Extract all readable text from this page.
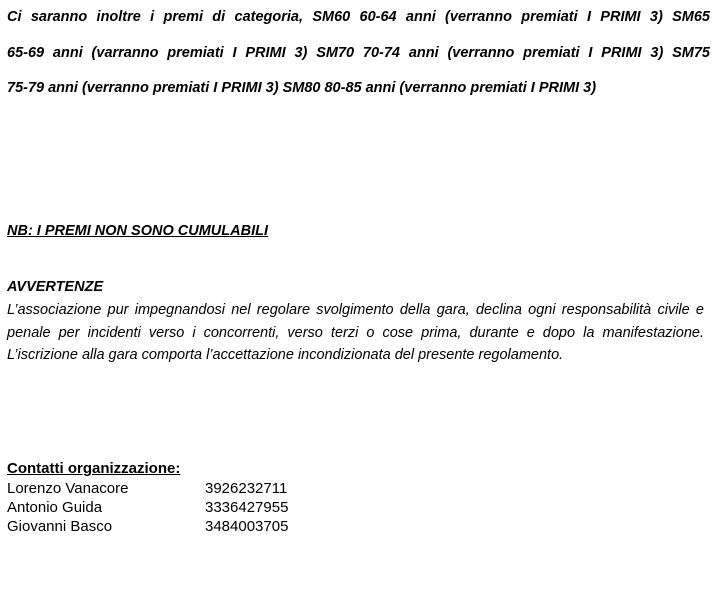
Ci saranno inoltre i premi di categoria, SM60 60-64 anni (verranno premiati I PRIMI 3) SM65
65-69 anni (varranno premiati I PRIMI 3) SM70 70-74 anni (verranno premiati I PRIMI 3) SM75
75-79 anni (verranno premiati I PRIMI 3) SM80 80-85 anni (verranno premiati I PRIMI 3)
NB: I PREMI NON SONO CUMULABILI
AVVERTENZE
L’associazione pur impegnandosi nel regolare svolgimento della gara, declina ogni responsabilità civile e penale per incidenti verso i concorrenti, verso terzi o cose prima, durante e dopo la manifestazione. L’iscrizione alla gara comporta l’accettazione incondizionata del presente regolamento.
Contatti organizzazione:
Lorenzo Vanacore	3926232711
Antonio Guida	3336427955
Giovanni Basco	3484003705
